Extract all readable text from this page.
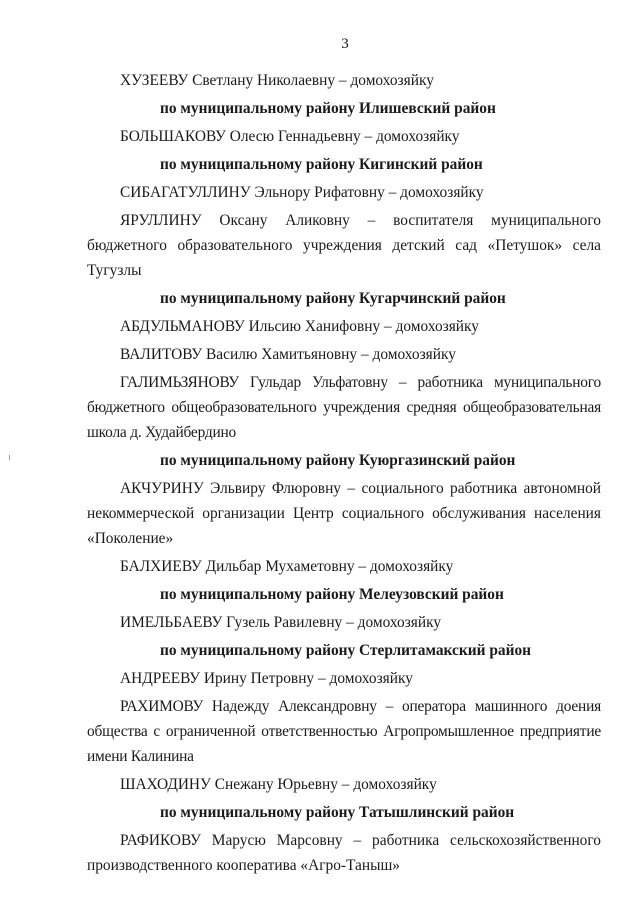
3

ХУЗЕЕВУ Светлану Николаевну – домохозяйку

по муниципальному району Илишевский район

БОЛЬШАКОВУ Олесю Геннадьевну – домохозяйку

по муниципальному району Кигинский район

СИБАГАТУЛЛИНУ Эльнору Рифатовну – домохозяйку

ЯРУЛЛИНУ Оксану Аликовну – воспитателя муниципального бюджетного образовательного учреждения детский сад «Петушок» села Тугузлы

по муниципальному району Кугарчинский район

АБДУЛЬМАНОВУ Ильсию Ханифовну – домохозяйку

ВАЛИТОВУ Василю Хамитьяновну – домохозяйку

ГАЛИМЬЗЯНОВУ Гульдар Ульфатовну – работника муниципального бюджетного общеобразовательного учреждения средняя общеобразовательная школа д. Худайбердино

по муниципальному району Куюргазинский район

АКЧУРИНУ Эльвиру Флюровну – социального работника автономной некоммерческой организации Центр социального обслуживания населения «Поколение»

БАЛХИЕВУ Дильбар Мухаметовну – домохозяйку

по муниципальному району Мелеузовский район

ИМЕЛЬБАЕВУ Гузель Равилевну – домохозяйку

по муниципальному району Стерлитамакский район

АНДРЕЕВУ Ирину Петровну – домохозяйку

РАХИМОВУ Надежду Александровну – оператора машинного доения общества с ограниченной ответственностью Агропромышленное предприятие имени Калинина

ШАХОДИНУ Снежану Юрьевну – домохозяйку

по муниципальному району Татышлинский район

РАФИКОВУ Марусю Марсовну – работника сельскохозяйственного производственного кооператива «Агро-Таныш»
